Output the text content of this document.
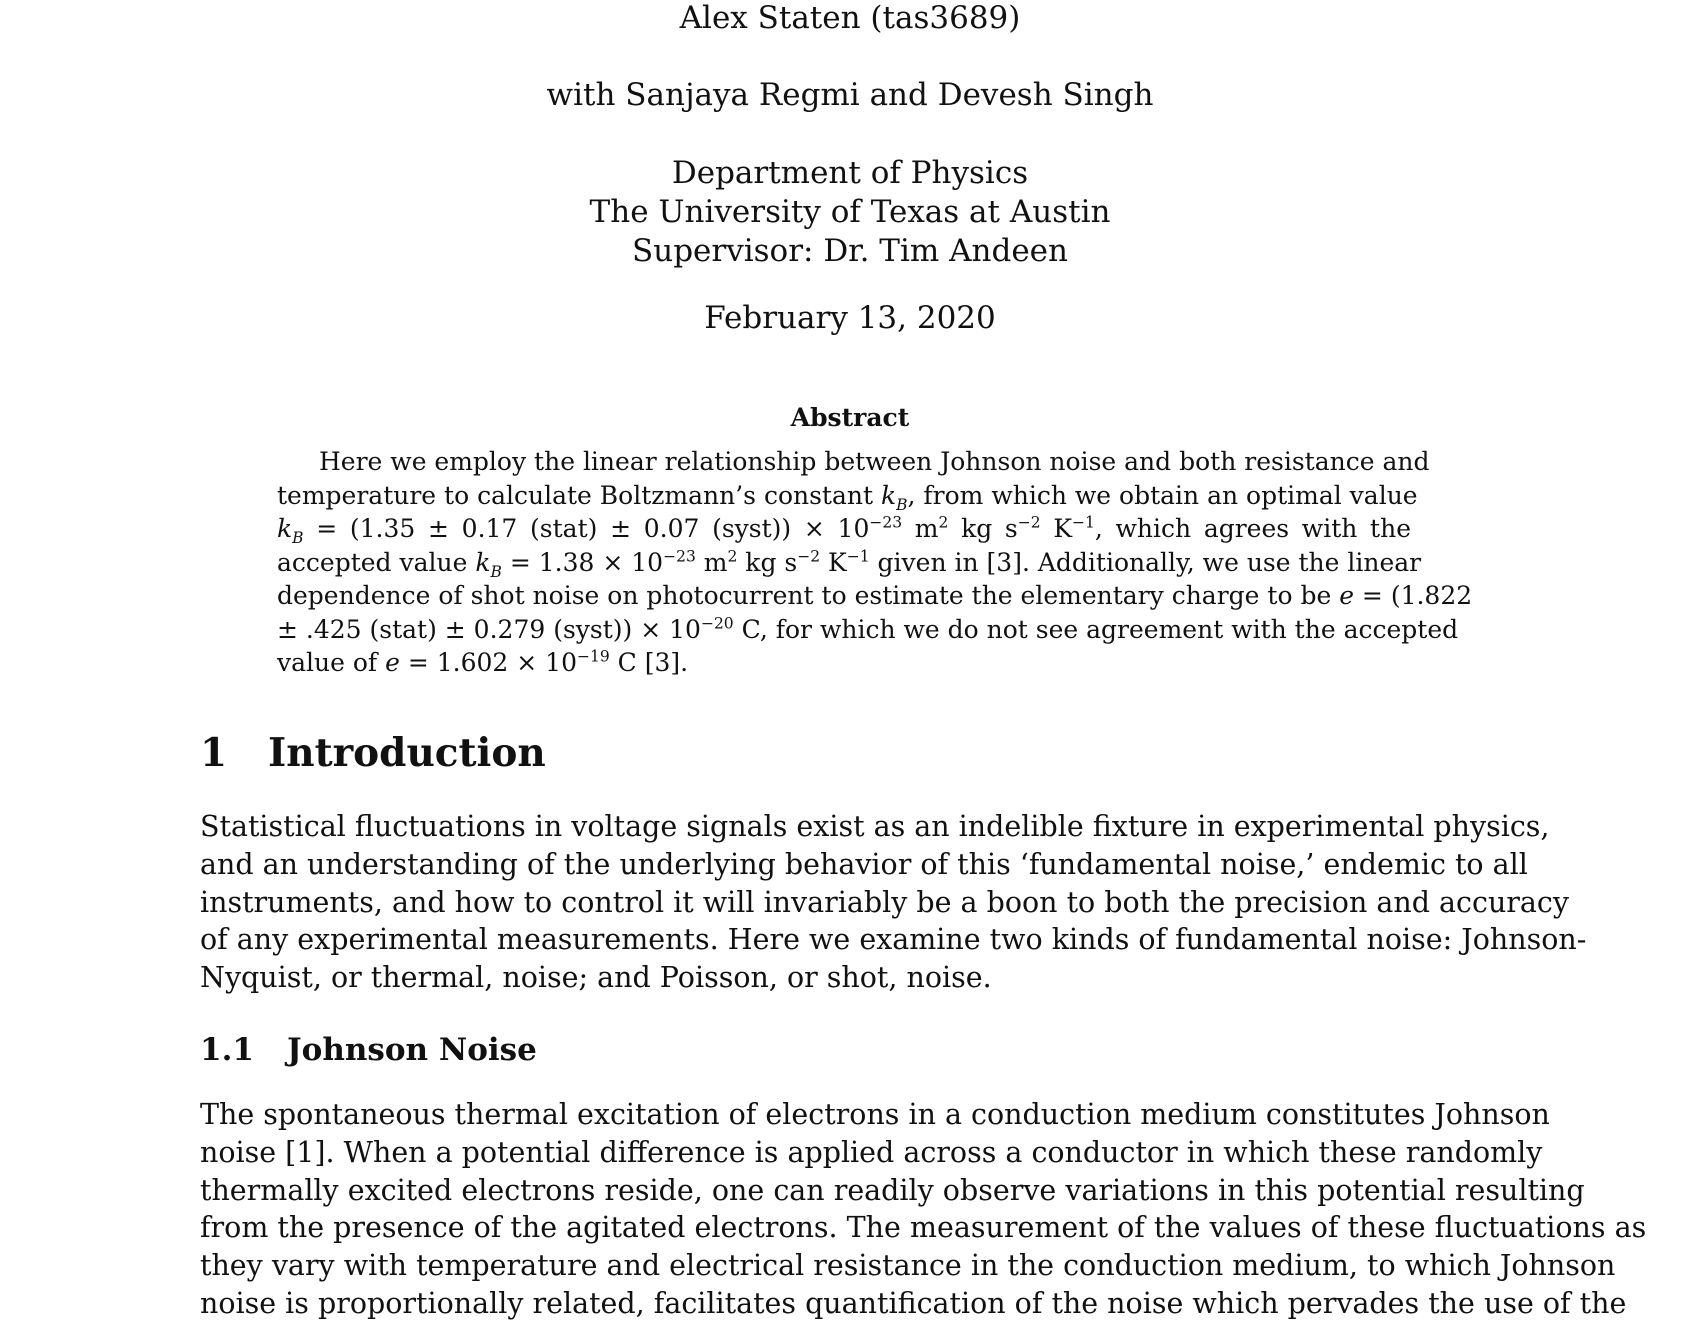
Alex Staten (tas3689)
with Sanjaya Regmi and Devesh Singh
Department of Physics
The University of Texas at Austin
Supervisor: Dr. Tim Andeen
February 13, 2020
Abstract
Here we employ the linear relationship between Johnson noise and both resistance and
temperature to calculate Boltzmann’s constant $k_B$, from which we obtain an optimal value
$k_B = (1.35 \pm 0.17$ (stat) ± 0.07 (syst)) × $10^{-23}$ $m^2$ kg $s^{-2}$ $K^{-1}$, which agrees with the
accepted value $k_B = 1.38 \times 10^{-23}$ $m^2$ kg $s^{-2}$ $K^{-1}$ given in [3]. Additionally, we use the linear
dependence of shot noise on photocurrent to estimate the elementary charge to be e = (1.822
± .425 (stat) ± 0.279 (syst)) × $10^{-20}$ C, for which we do not see agreement with the accepted
value of $e = 1.602 \times 10^{-19}$ C [3].
1 Introduction
Statistical fluctuations in voltage signals exist as an indelible fixture in experimental physics,
and an understanding of the underlying behavior of this ‘fundamental noise,’ endemic to all
instruments, and how to control it will invariably be a boon to both the precision and accuracy
of any experimental measurements. Here we examine two kinds of fundamental noise: Johnson-
Nyquist, or thermal, noise; and Poisson, or shot, noise.
1.1 Johnson Noise
The spontaneous thermal excitation of electrons in a conduction medium constitutes Johnson
noise [1]. When a potential difference is applied across a conductor in which these randomly
thermally excited electrons reside, one can readily observe variations in this potential resulting
from the presence of the agitated electrons. The measurement of the values of these fluctuations as
they vary with temperature and electrical resistance in the conduction medium, to which Johnson
noise is proportionally related, facilitates quantification of the noise which pervades the use of the
